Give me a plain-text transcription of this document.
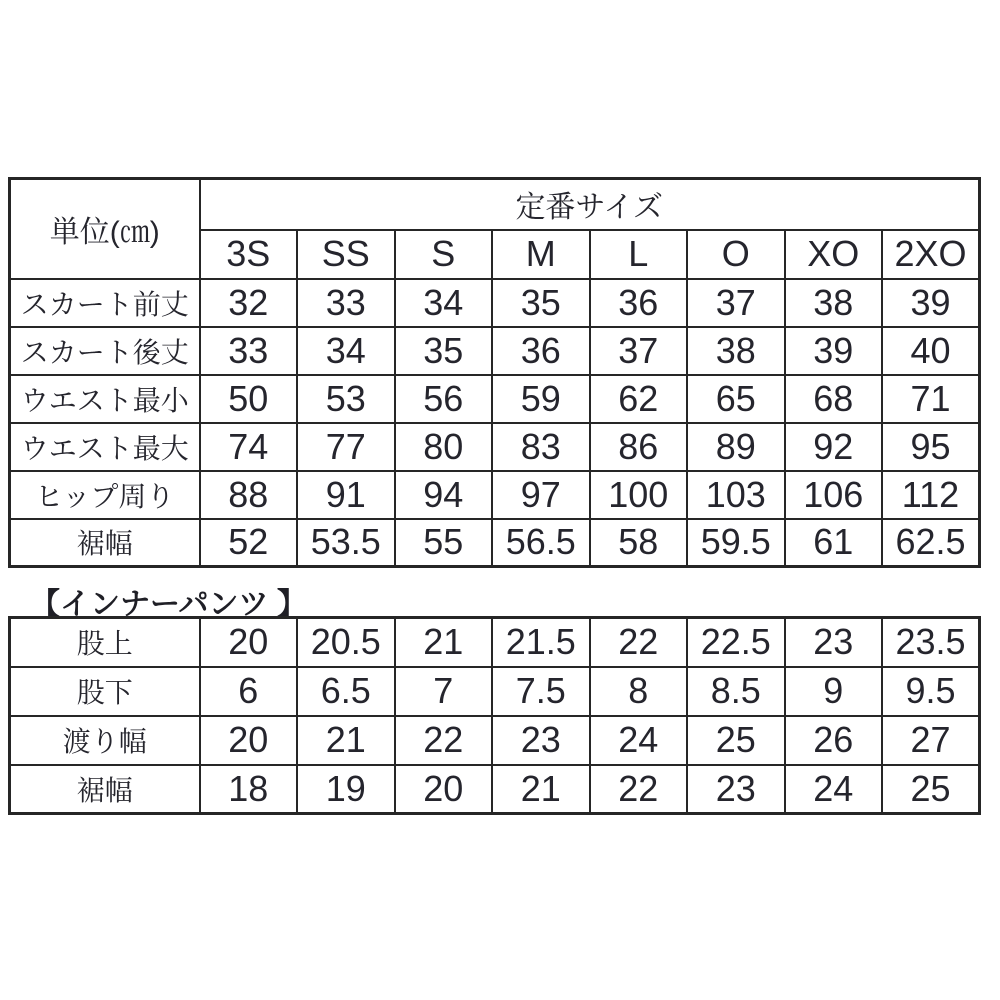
単位(㎝)	定番サイズ							
	3S	SS	S	M	L	O	XO	2XO
スカート前丈	32	33	34	35	36	37	38	39
スカート後丈	33	34	35	36	37	38	39	40
ウエスト最小	50	53	56	59	62	65	68	71
ウエスト最大	74	77	80	83	86	89	92	95
ヒップ周り	88	91	94	97	100	103	106	112
裾幅	52	53.5	55	56.5	58	59.5	61	62.5
【インナーパンツ 】
股上	20	20.5	21	21.5	22	22.5	23	23.5
股下	6	6.5	7	7.5	8	8.5	9	9.5
渡り幅	20	21	22	23	24	25	26	27
裾幅	18	19	20	21	22	23	24	25
